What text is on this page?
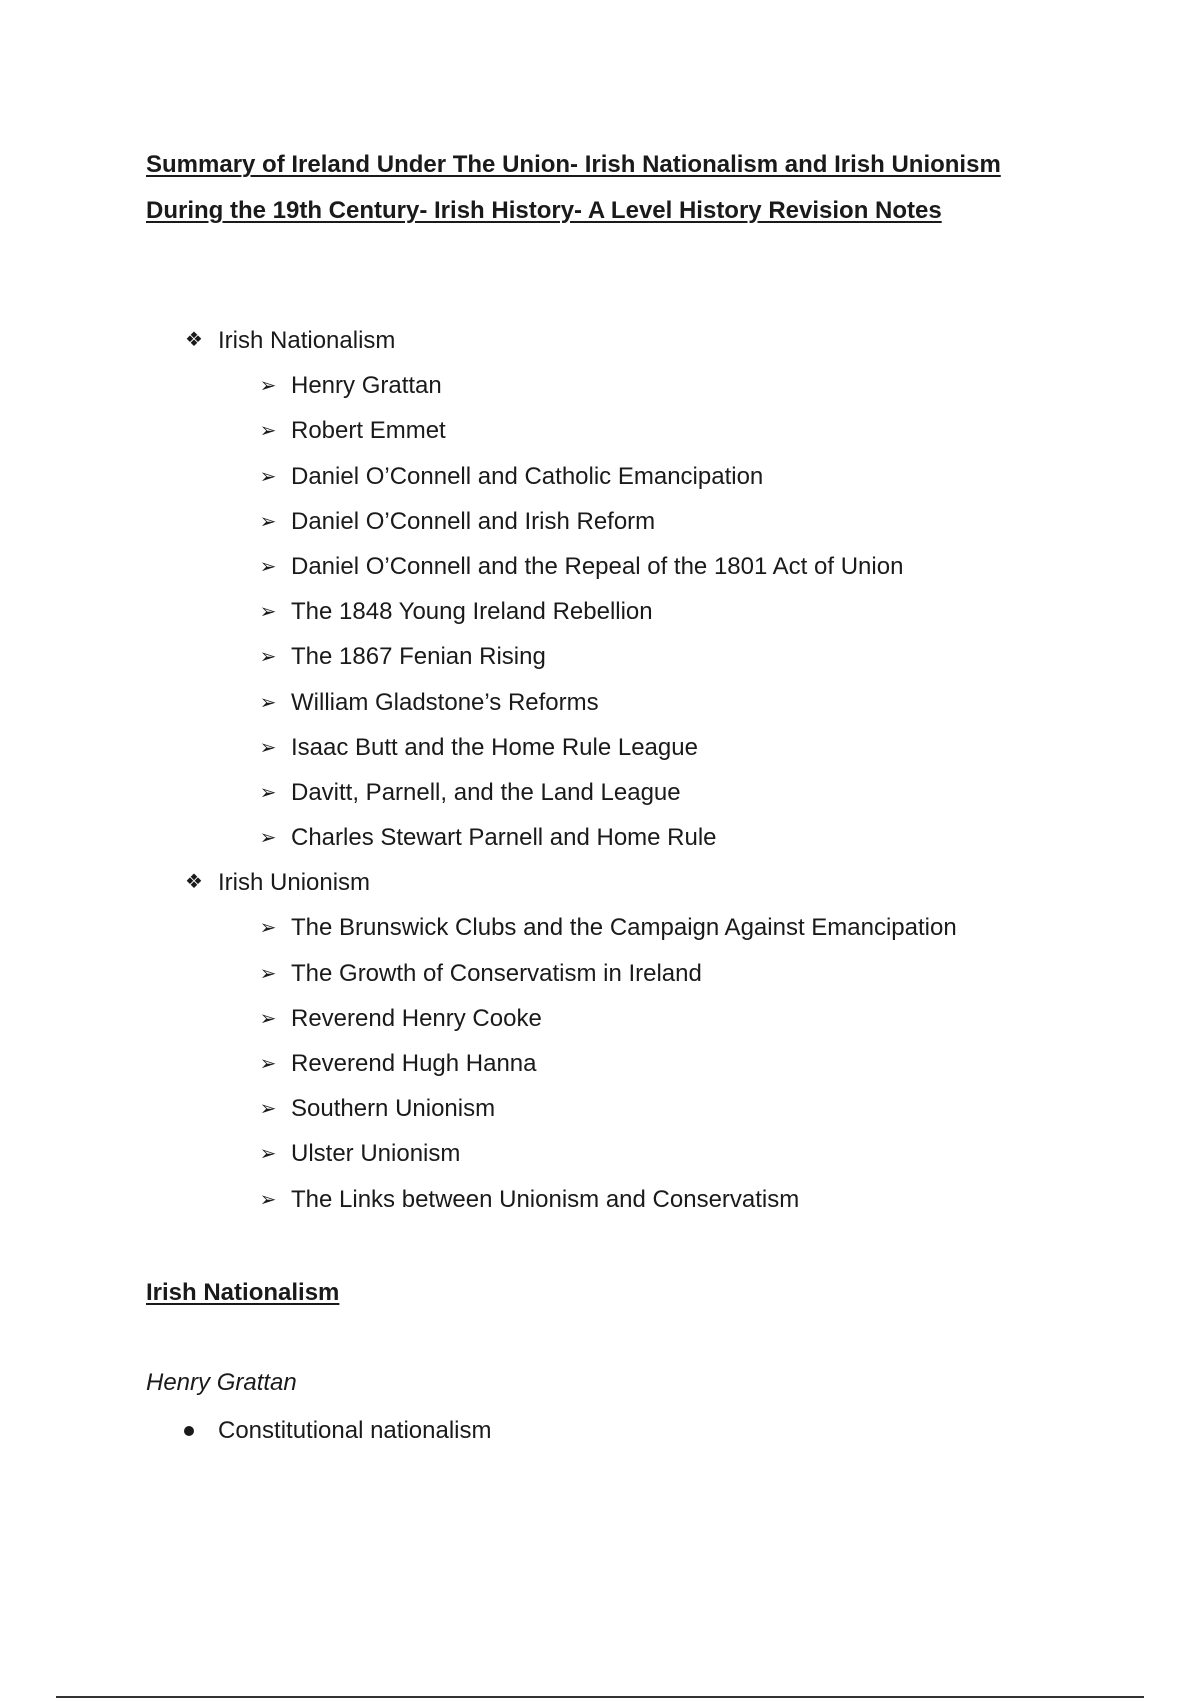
Summary of Ireland Under The Union- Irish Nationalism and Irish Unionism During the 19th Century- Irish History- A Level History Revision Notes
❖ Irish Nationalism
➢ Henry Grattan
➢ Robert Emmet
➢ Daniel O’Connell and Catholic Emancipation
➢ Daniel O’Connell and Irish Reform
➢ Daniel O’Connell and the Repeal of the 1801 Act of Union
➢ The 1848 Young Ireland Rebellion
➢ The 1867 Fenian Rising
➢ William Gladstone’s Reforms
➢ Isaac Butt and the Home Rule League
➢ Davitt, Parnell, and the Land League
➢ Charles Stewart Parnell and Home Rule
❖ Irish Unionism
➢ The Brunswick Clubs and the Campaign Against Emancipation
➢ The Growth of Conservatism in Ireland
➢ Reverend Henry Cooke
➢ Reverend Hugh Hanna
➢ Southern Unionism
➢ Ulster Unionism
➢ The Links between Unionism and Conservatism
Irish Nationalism
Henry Grattan
Constitutional nationalism
